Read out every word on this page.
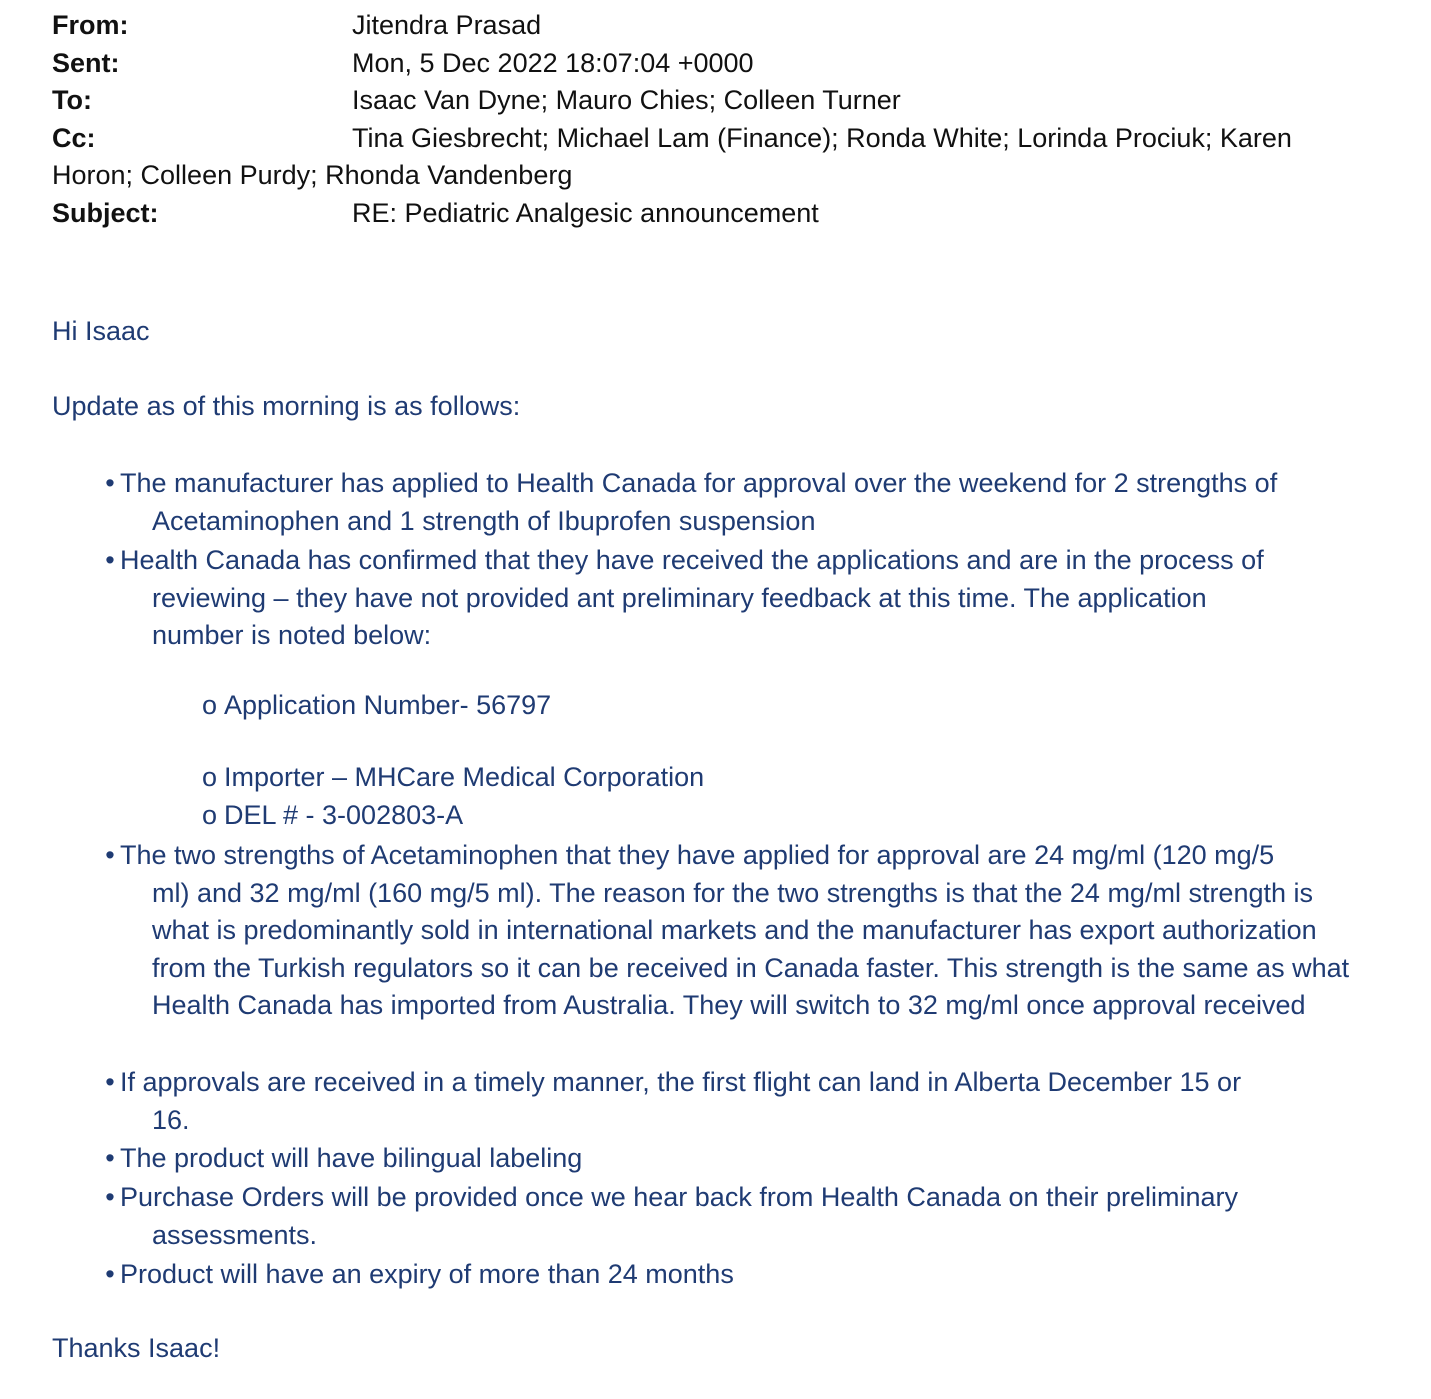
From:	Jitendra Prasad
Sent:	Mon, 5 Dec 2022 18:07:04 +0000
To:	Isaac Van Dyne; Mauro Chies; Colleen Turner
Cc:	Tina Giesbrecht; Michael Lam (Finance); Ronda White; Lorinda Prociuk; Karen
Horon; Colleen Purdy; Rhonda Vandenberg
Subject:	RE: Pediatric Analgesic announcement
Hi Isaac
Update as of this morning is as follows:
• The manufacturer has applied to Health Canada for approval over the weekend for 2 strengths of
Acetaminophen and 1 strength of Ibuprofen suspension
• Health Canada has confirmed that they have received the applications and are in the process of
reviewing – they have not provided ant preliminary feedback at this time. The application number is noted below:
o Application Number- 56797
o Importer – MHCare Medical Corporation
o DEL # - 3-002803-A
• The two strengths of Acetaminophen that they have applied for approval are 24 mg/ml (120 mg/5
ml) and 32 mg/ml (160 mg/5 ml). The reason for the two strengths is that the 24 mg/ml strength is what is predominantly sold in international markets and the manufacturer has export authorization from the Turkish regulators so it can be received in Canada faster. This strength is the same as what Health Canada has imported from Australia. They will switch to 32 mg/ml once approval received
• If approvals are received in a timely manner, the first flight can land in Alberta December 15 or
16.
• The product will have bilingual labeling
• Purchase Orders will be provided once we hear back from Health Canada on their preliminary
assessments.
• Product will have an expiry of more than 24 months
Thanks Isaac!
